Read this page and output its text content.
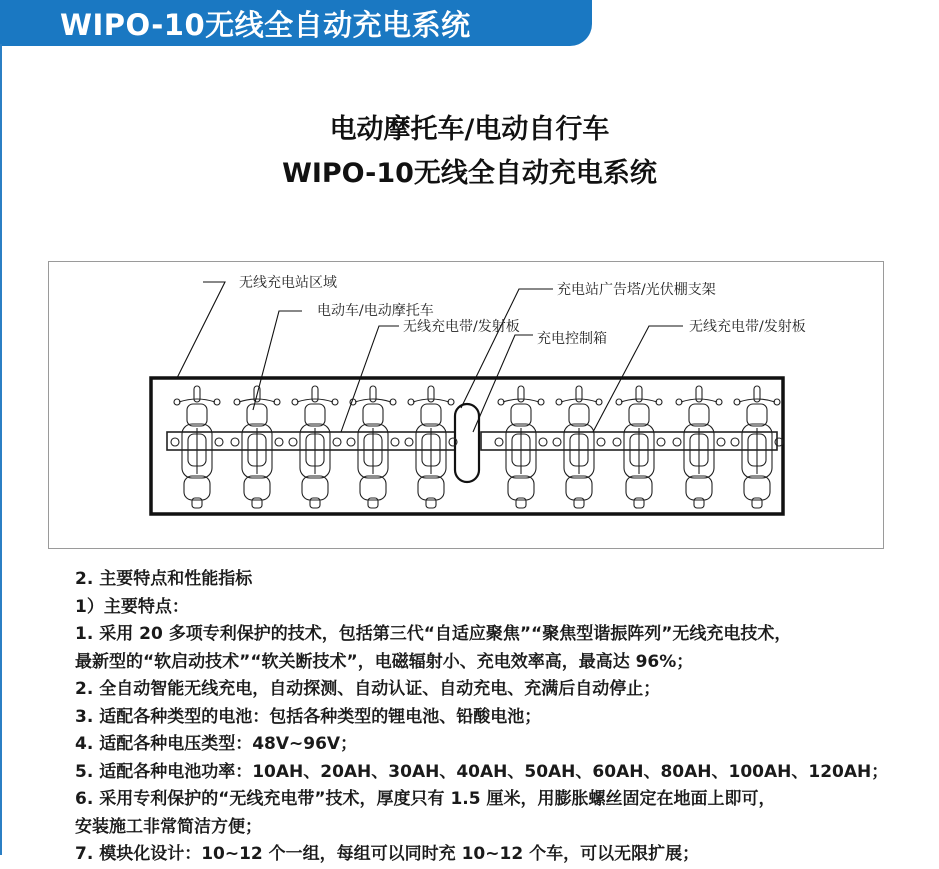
WIPO-10无线全自动充电系统
电动摩托车/电动自行车
WIPO-10无线全自动充电系统
无线充电站区域
电动车/电动摩托车
无线充电带/发射板
充电站广告塔/光伏棚支架
充电控制箱
无线充电带/发射板

2. 主要特点和性能指标

1）主要特点：

1. 采用 20 多项专利保护的技术，包括第三代“自适应聚焦”“聚焦型谐振阵列”无线充电技术，

最新型的“软启动技术”“软关断技术”，电磁辐射小、充电效率高，最高达 96%；

2. 全自动智能无线充电，自动探测、自动认证、自动充电、充满后自动停止；

3. 适配各种类型的电池：包括各种类型的锂电池、铅酸电池；

4. 适配各种电压类型：48V~96V；

5. 适配各种电池功率：10AH、20AH、30AH、40AH、50AH、60AH、80AH、100AH、120AH；

6. 采用专利保护的“无线充电带”技术，厚度只有 1.5 厘米，用膨胀螺丝固定在地面上即可，

安装施工非常简洁方便；

7. 模块化设计：10~12 个一组，每组可以同时充 10~12 个车，可以无限扩展；
